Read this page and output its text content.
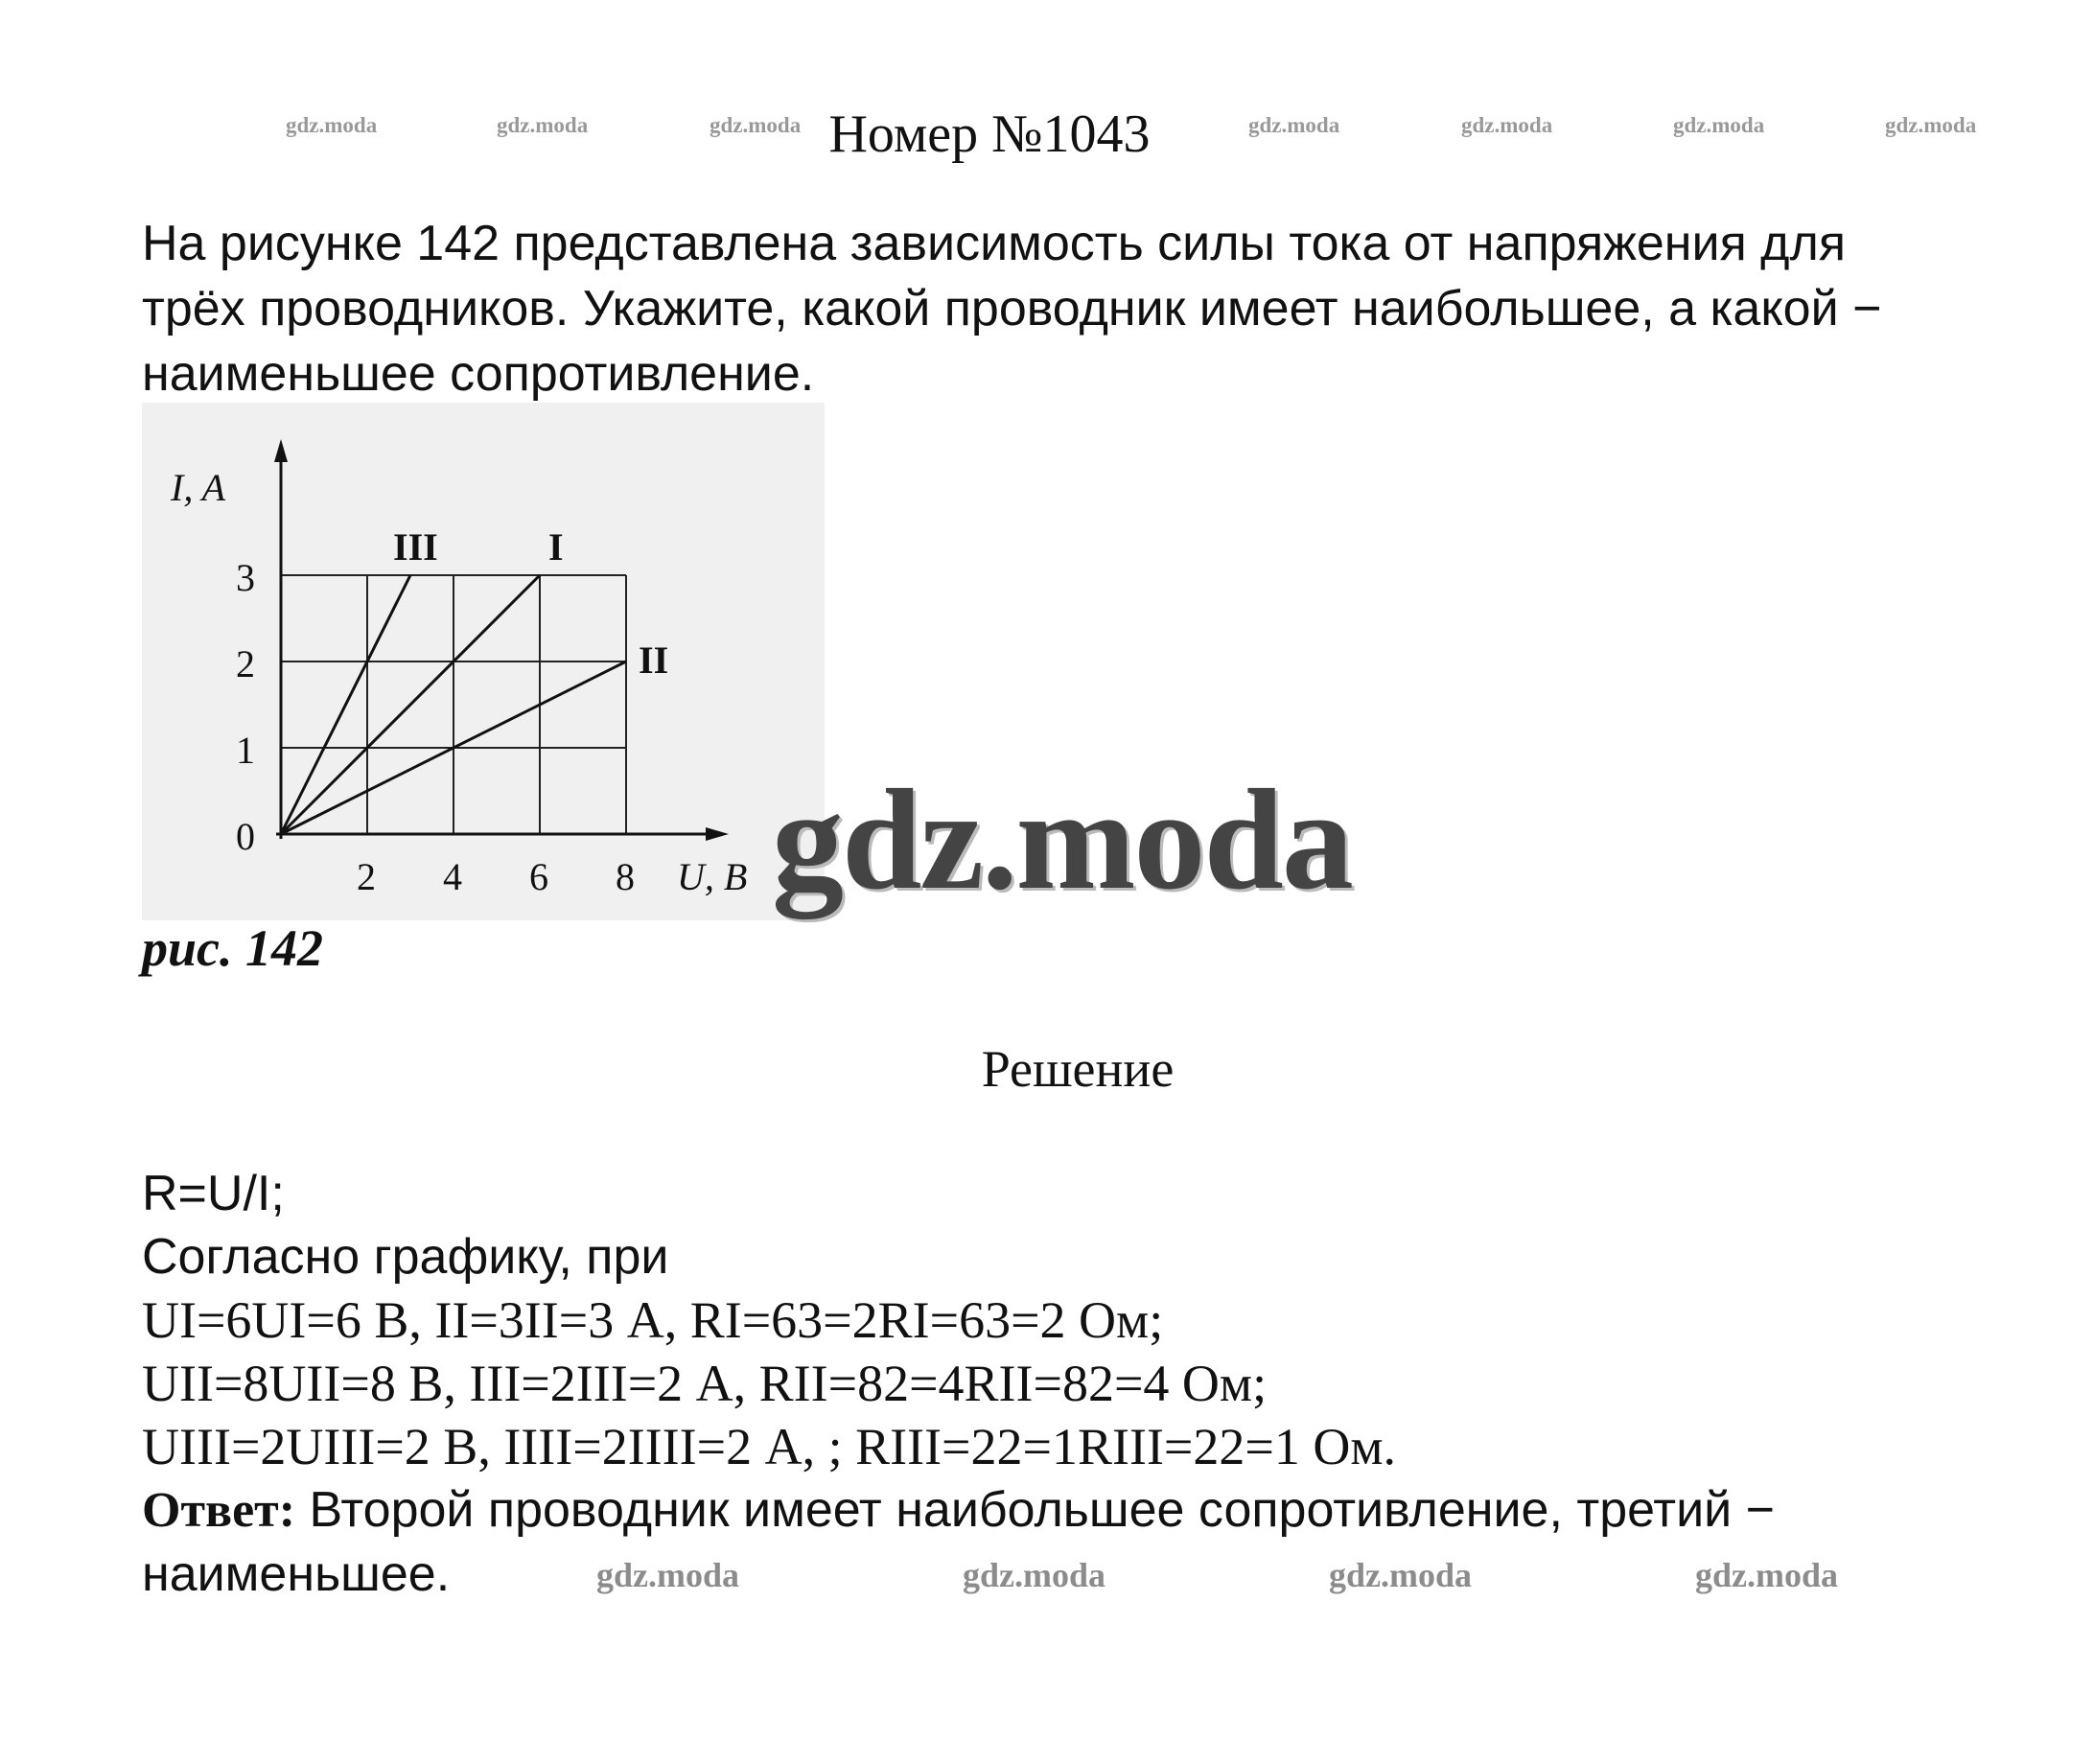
gdz.moda	gdz.moda	gdz.moda	gdz.moda	gdz.moda	gdz.moda	gdz.moda
Номер №1043
На рисунке 142 представлена зависимость силы тока от напряжения для
трёх проводников. Укажите, какой проводник имеет наибольшее, а какой −
наименьшее сопротивление.
I, A
U, B
0
1
2
3
2 4 6 8
III	I
II
gdz.moda
рис. 142
Решение
R=U/I;
Согласно графику, при
UI=6UI=6 В, II=3II=3 А, RI=63=2RI=63=2 Ом;
UII=8UII=8 В, III=2III=2 А, RII=82=4RII=82=4 Ом;
UIII=2UIII=2 В, IIII=2IIII=2 А, ; RIII=22=1RIII=22=1 Ом.
Ответ: Второй проводник имеет наибольшее сопротивление, третий −
наименьшее.	gdz.moda	gdz.moda	gdz.moda	gdz.moda
